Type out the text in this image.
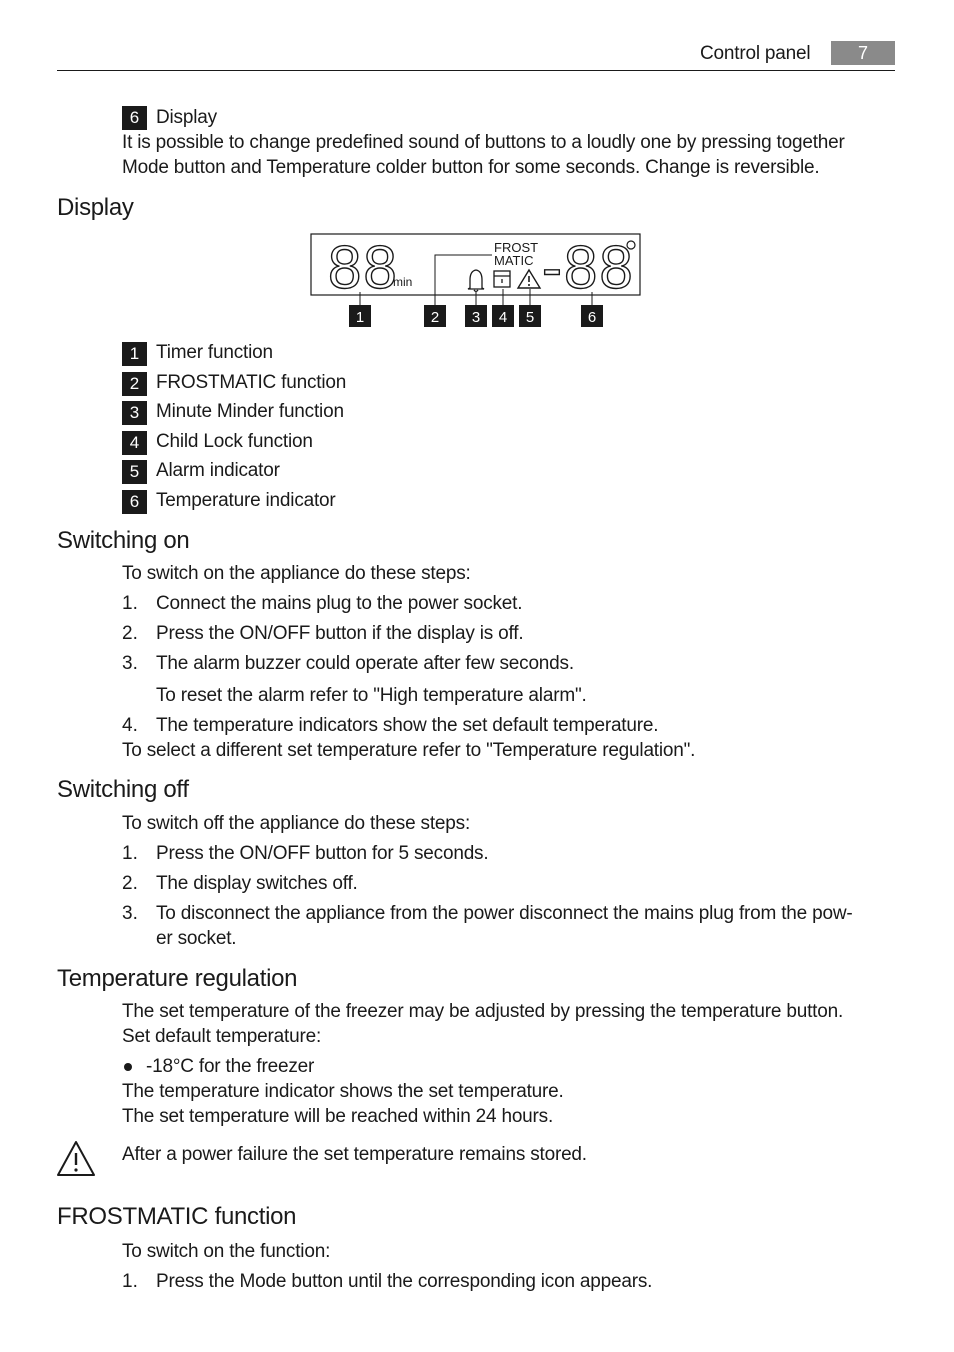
Control panel	7
6 Display
It is possible to change predefined sound of buttons to a loudly one by pressing together
Mode button and Temperature colder button for some seconds. Change is reversible.
Display
88
min
FROST
MATIC -88
1	2 3 4 5	6
1 Timer function
2 FROSTMATIC function
3 Minute Minder function
4 Child Lock function
5 Alarm indicator
6 Temperature indicator
Switching on
To switch on the appliance do these steps:
1. Connect the mains plug to the power socket.
2. Press the ON/OFF button if the display is off.
3. The alarm buzzer could operate after few seconds.
To reset the alarm refer to "High temperature alarm".
4. The temperature indicators show the set default temperature.
To select a different set temperature refer to "Temperature regulation".
Switching off
To switch off the appliance do these steps:
1. Press the ON/OFF button for 5 seconds.
2. The display switches off.
3. To disconnect the appliance from the power disconnect the mains plug from the pow-
er socket.
Temperature regulation
The set temperature of the freezer may be adjusted by pressing the temperature button.
Set default temperature:
-18°C for the freezer
The temperature indicator shows the set temperature.
The set temperature will be reached within 24 hours.
After a power failure the set temperature remains stored.
FROSTMATIC function
To switch on the function:
1. Press the Mode button until the corresponding icon appears.
